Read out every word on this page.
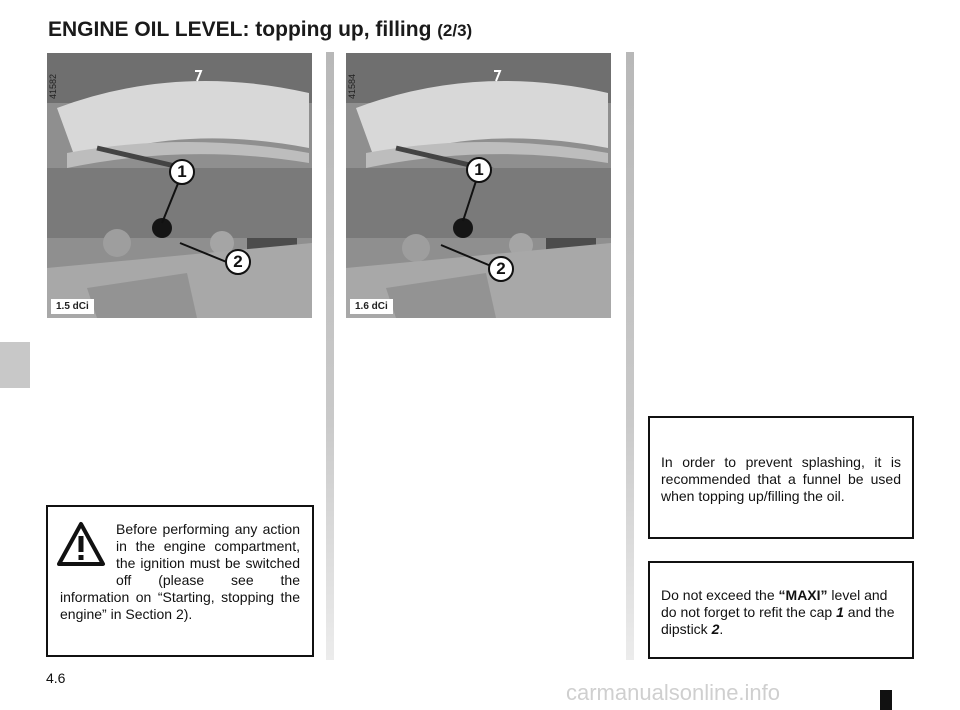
ENGINE OIL LEVEL: topping up, filling (2/3)
41582
1
2
1.5 dCi
41584
1
2
1.6 dCi
Before performing any action in the engine compartment, the ignition must be switched off (please see the information on “Starting, stopping the engine” in Section 2).
In order to prevent splashing, it is recommended that a funnel be used when topping up/filling the oil.
Do not exceed the “MAXI” level and do not forget to refit the cap 1 and the dipstick 2.
4.6
carmanualsonline.info
